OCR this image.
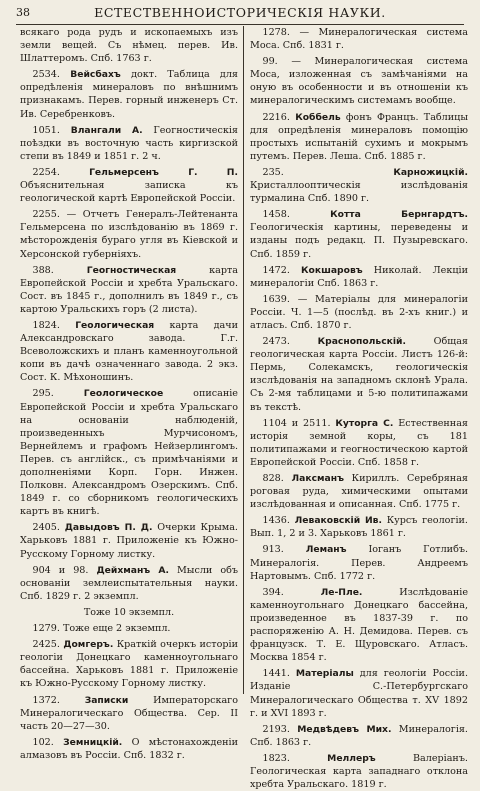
38	ЕСТЕСТВЕННОИСТОРИЧЕСКІЯ НАУКИ.

всякаго рода рудъ и ископаемыхъ изъ земли вещей. Съ нѣмец. перев. Ив. Шлаттеромъ. Спб. 1763 г.

2534. Вейсбахъ докт. Таблица для опредѣленія минераловъ по внѣшнимъ признакамъ. Перев. горный инженеръ Ст. Ив. Серебренковъ.

1051. Влангали А. Геогностическія поѣздки въ восточную часть киргизской степи въ 1849 и 1851 г. 2 ч.

2254.	Гельмерсенъ Г. П. Объяснительная записка къ геологической картѣ Европейской Россіи.

2255. — Отчетъ Генералъ-Лейтенанта Гельмерсена по изслѣдованію въ 1869 г. мѣсторожденія бураго угля въ Кіевской и Херсонской губерніяхъ.

388.	Геогностическая	карта Европейской Россіи и хребта Уральскаго. Сост. въ 1845 г., дополнилъ въ 1849 г., съ картою Уральскихъ горъ (2 листа).

1824. Геологическая карта дачи Александровскаго завода. Г.г. Всеволожскихъ и планъ каменноугольной копи въ дачѣ означеннаго завода. 2 экз. Сост. К. Мѣхоношинъ.

295.	Геологическое	описаніе Европейской Россіи и хребта Уральскаго на основаніи наблюденій, произведенныхъ Мурчисономъ, Вернейлемъ и графомъ Нейзерлингомъ. Перев. съ англійск., съ примѣчаніями и дополненіями Корп. Горн. Инжен. Полковн. Александромъ Озерскимъ. Спб. 1849 г. со сборникомъ геологическихъ картъ въ книгѣ.

2405. Давыдовъ П. Д. Очерки Крыма. Харьковъ 1881 г. Приложеніе къ Южно-Русскому Горному листку.

904 и 98. Дейхманъ А. Мысли объ основаніи землеиспытательныя науки. Спб. 1829 г. 2 экземпл.

Тоже 10 экземпл.

1279. Тоже еще 2 экземпл.

2425. Домгеръ. Краткій очеркъ исторіи геологіи Донецкаго каменноугольнаго бассейна. Харьковъ 1881 г. Приложеніе къ Южно-Русскому Горному листку.

1372.	Записки	Императорскаго Минералогическаго Общества. Сер. II часть 20—27—30.

102. Земницкій. О мѣстонахожденіи алмазовъ въ Россіи. Спб. 1832 г.

1278. — Минералогическая система Моса. Спб. 1831 г.

99. — Минералогическая система Моса, изложенная съ замѣчаніями на оную въ особенности и въ отношеніи къ минералогическимъ системамъ вообще.

2216. Коббель фонъ Францъ. Таблицы для опредѣленія минераловъ помощію простыхъ испытаній сухимъ и мокрымъ путемъ. Перев. Леша. Спб. 1885 г.

235.	Карножицкій. Кристаллооптическія изслѣдованія турмалина Спб. 1890 г.

1458.	Котта Бернгардтъ. Геологическія картины, переведены и изданы подъ редакц. П. Пузыревскаго. Спб. 1859 г.

1472. Кокшаровъ Николай. Лекціи минералогіи Спб. 1863 г.

1639. — Матеріалы для минералогіи Россіи. Ч. 1—5 (послѣд. въ 2-хъ книг.) и атласъ. Спб. 1870 г.

2473.	Краснопольскій.	Общая геологическая карта Россіи. Листъ 126-й: Пермь, Солекамскъ, геологическія изслѣдованія на западномъ склонѣ Урала. Съ 2-мя таблицами и 5-ю политипажами въ текстѣ.

1104 и 2511. Куторга С. Естественная исторія земной коры, съ 181 политипажами и геогностическою картой Европейской Россіи. Спб. 1858 г.

828. Лаксманъ Кириллъ. Серебряная роговая руда, химическими опытами изслѣдованная и описанная. Спб. 1775 г.

1436. Леваковскій Ив. Курсъ геологіи. Вып. 1, 2 и 3. Харьковъ 1861 г.

913. Леманъ Іоганъ Готлибъ. Минералогія. Перев. Андреемъ Нартовымъ. Спб. 1772 г.

394.	Ле-Пле.	Изслѣдованіе каменноугольнаго Донецкаго бассейна, произведенное въ 1837-39 г. по распоряженію А. Н. Демидова. Перев. съ французск. Т. Е. Щуровскаго. Атласъ. Москва 1854 г.

1441. Матеріалы для геологіи Россіи. Изданіе С.-Петербургскаго Минералогическаго Общества т. XV 1892 г. и XVI 1893 г.

2193. Медвѣдевъ Мих. Минералогія. Спб. 1863 г.

1823.	Меллеръ	Валеріанъ. Геологическая карта западнаго отклона хребта Уральскаго. 1819 г.
